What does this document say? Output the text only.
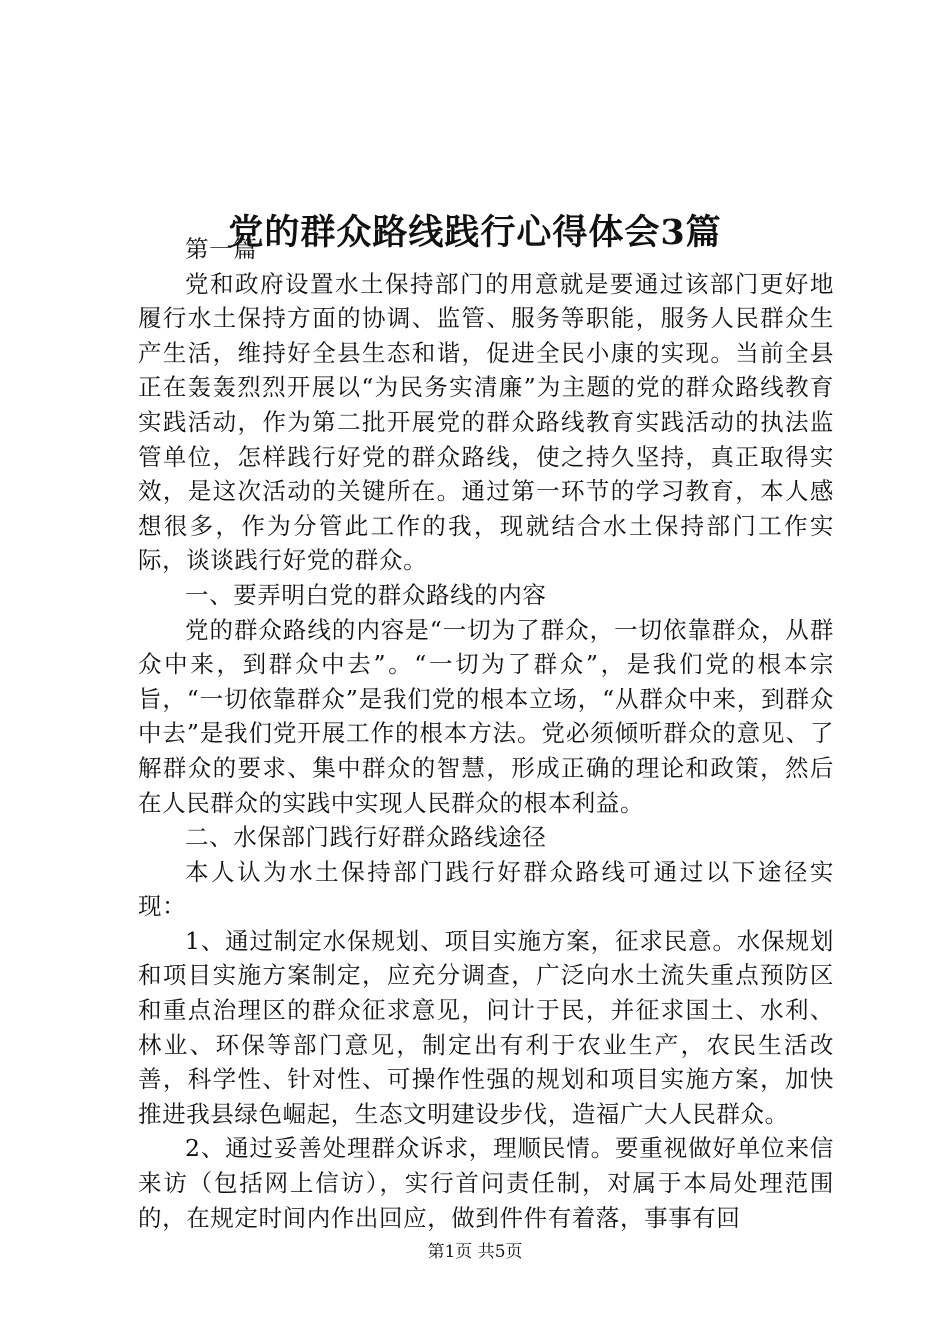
党的群众路线践行心得体会3篇

第一篇

党和政府设置水土保持部门的用意就是要通过该部门更好地履行水土保持方面的协调、监管、服务等职能，服务人民群众生产生活，维持好全县生态和谐，促进全民小康的实现。当前全县正在轰轰烈烈开展以“为民务实清廉”为主题的党的群众路线教育实践活动，作为第二批开展党的群众路线教育实践活动的执法监管单位，怎样践行好党的群众路线，使之持久坚持，真正取得实效，是这次活动的关键所在。通过第一环节的学习教育，本人感想很多，作为分管此工作的我，现就结合水土保持部门工作实际，谈谈践行好党的群众。

一、要弄明白党的群众路线的内容

党的群众路线的内容是“一切为了群众，一切依靠群众，从群众中来，到群众中去”。“一切为了群众”，是我们党的根本宗旨，“一切依靠群众”是我们党的根本立场，“从群众中来，到群众中去”是我们党开展工作的根本方法。党必须倾听群众的意见、了解群众的要求、集中群众的智慧，形成正确的理论和政策，然后在人民群众的实践中实现人民群众的根本利益。

二、水保部门践行好群众路线途径

本人认为水土保持部门践行好群众路线可通过以下途径实现：

1、通过制定水保规划、项目实施方案，征求民意。水保规划和项目实施方案制定，应充分调查，广泛向水土流失重点预防区和重点治理区的群众征求意见，问计于民，并征求国土、水利、林业、环保等部门意见，制定出有利于农业生产，农民生活改善，科学性、针对性、可操作性强的规划和项目实施方案，加快推进我县绿色崛起，生态文明建设步伐，造福广大人民群众。

2、通过妥善处理群众诉求，理顺民情。要重视做好单位来信来访（包括网上信访），实行首问责任制，对属于本局处理范围的，在规定时间内作出回应，做到件件有着落，事事有回

第1页 共5页
